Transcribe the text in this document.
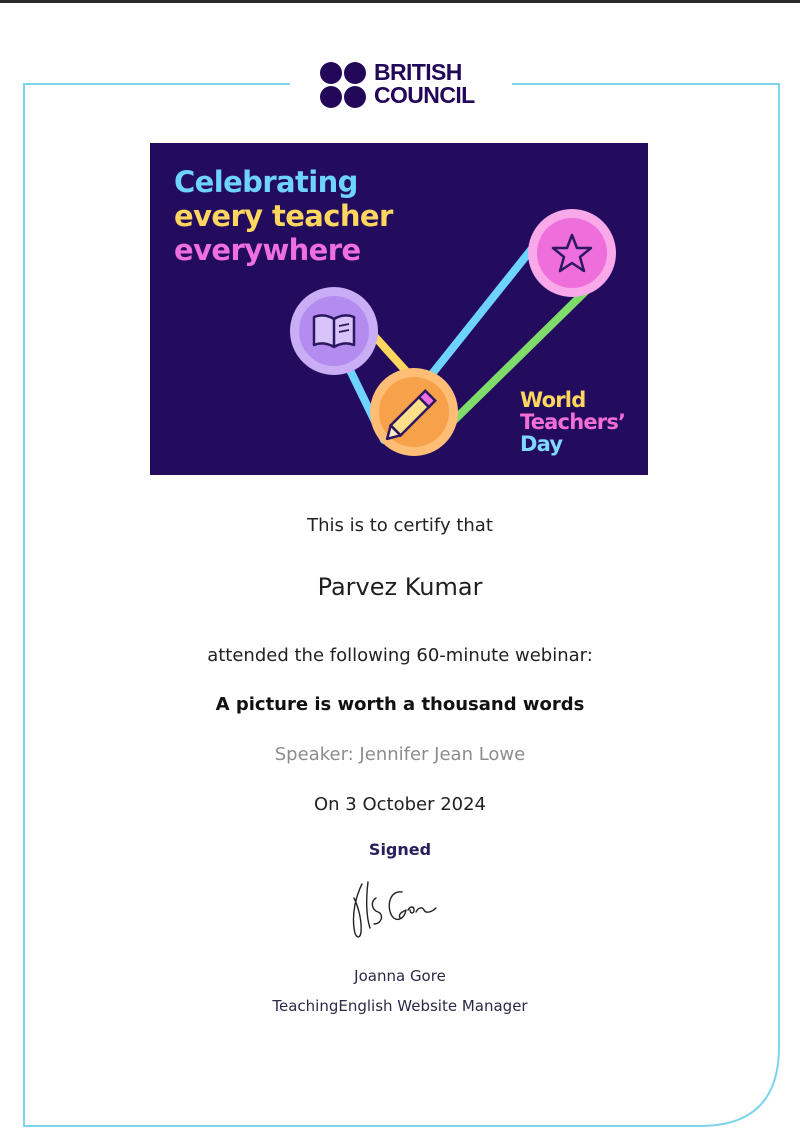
BRITISH
COUNCIL
Celebrating
every teacher
everywhere
World
Teachers’
Day
This is to certify that
Parvez Kumar
attended the following 60-minute webinar:
A picture is worth a thousand words
Speaker: Jennifer Jean Lowe
On 3 October 2024
Signed
Joanna Gore
TeachingEnglish Website Manager
